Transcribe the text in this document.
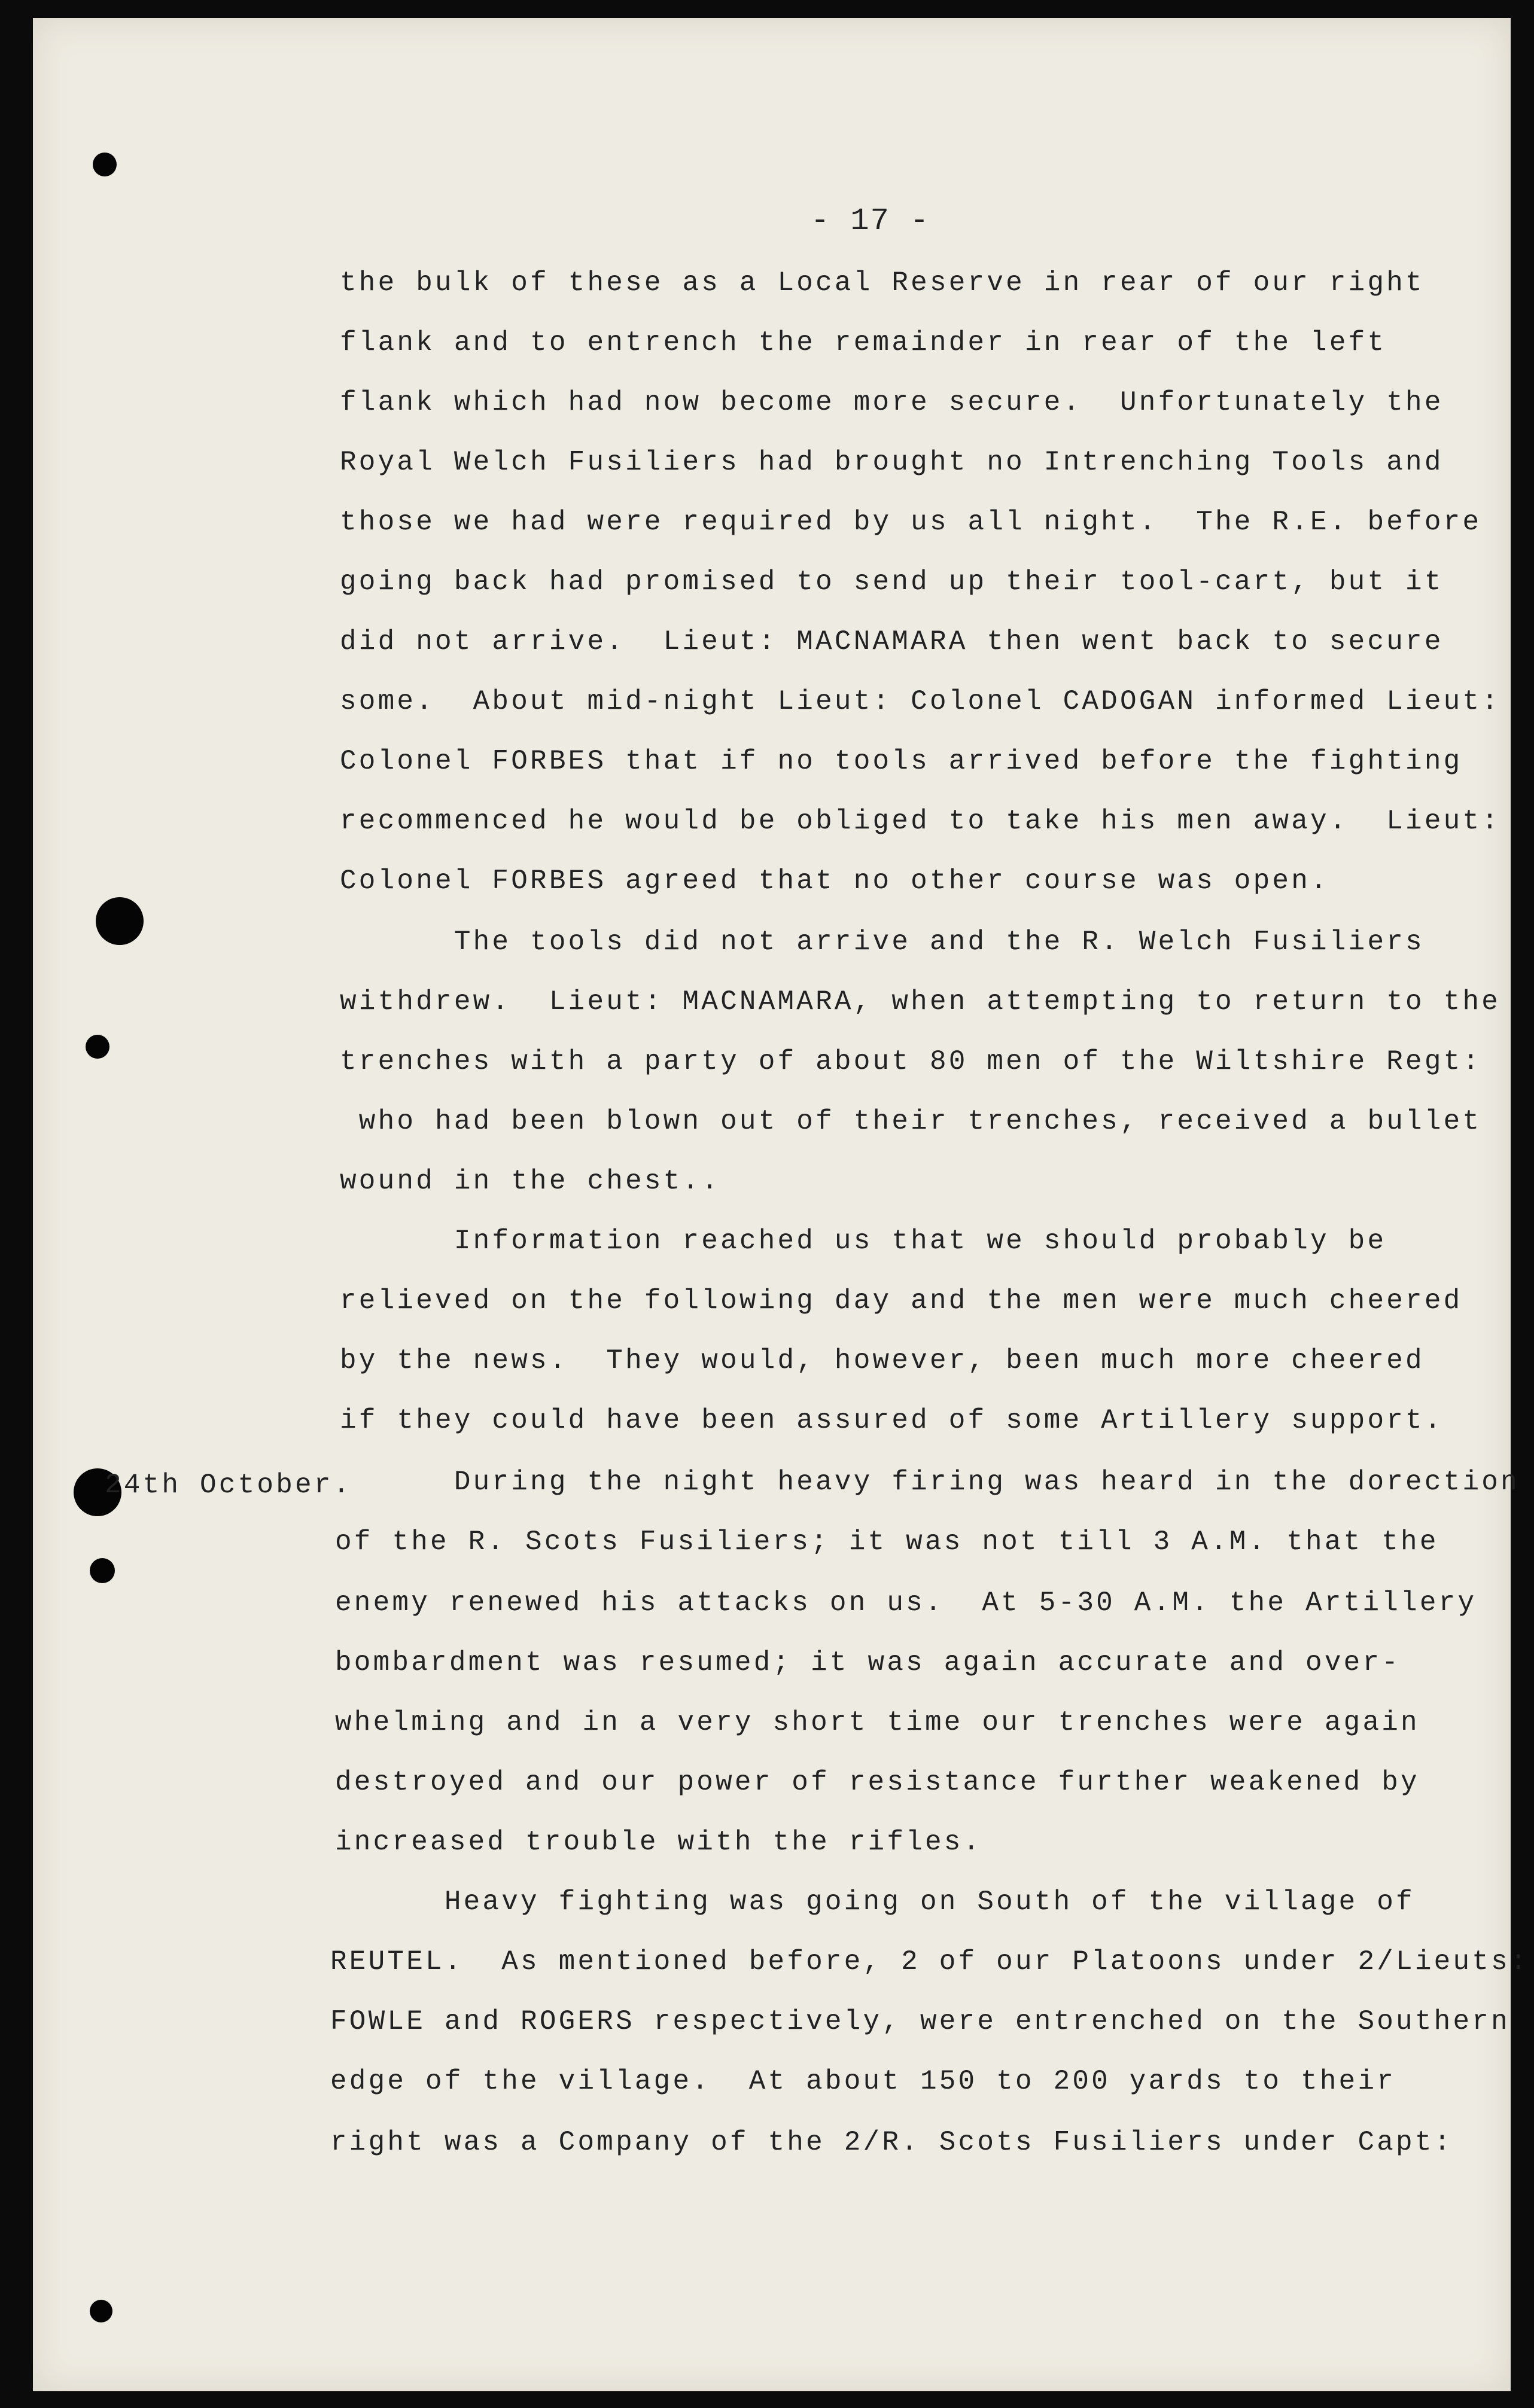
- 17 -
24th October.
the bulk of these as a Local Reserve in rear of our right
flank and to entrench the remainder in rear of the left
flank which had now become more secure.  Unfortunately the
Royal Welch Fusiliers had brought no Intrenching Tools and
those we had were required by us all night.  The R.E. before
going back had promised to send up their tool-cart, but it
did not arrive.  Lieut: MACNAMARA then went back to secure
some.  About mid-night Lieut: Colonel CADOGAN informed Lieut:
Colonel FORBES that if no tools arrived before the fighting
recommenced he would be obliged to take his men away.  Lieut:
Colonel FORBES agreed that no other course was open.
The tools did not arrive and the R. Welch Fusiliers
withdrew.  Lieut: MACNAMARA, when attempting to return to the
trenches with a party of about 80 men of the Wiltshire Regt:
who had been blown out of their trenches, received a bullet
wound in the chest..
Information reached us that we should probably be
relieved on the following day and the men were much cheered
by the news.  They would, however, been much more cheered
if they could have been assured of some Artillery support.
During the night heavy firing was heard in the dorection
of the R. Scots Fusiliers; it was not till 3 A.M. that the
enemy renewed his attacks on us.  At 5-30 A.M. the Artillery
bombardment was resumed; it was again accurate and over-
whelming and in a very short time our trenches were again
destroyed and our power of resistance further weakened by
increased trouble with the rifles.
Heavy fighting was going on South of the village of
REUTEL.  As mentioned before, 2 of our Platoons under 2/Lieuts:
FOWLE and ROGERS respectively, were entrenched on the Southern
edge of the village.  At about 150 to 200 yards to their
right was a Company of the 2/R. Scots Fusiliers under Capt:
